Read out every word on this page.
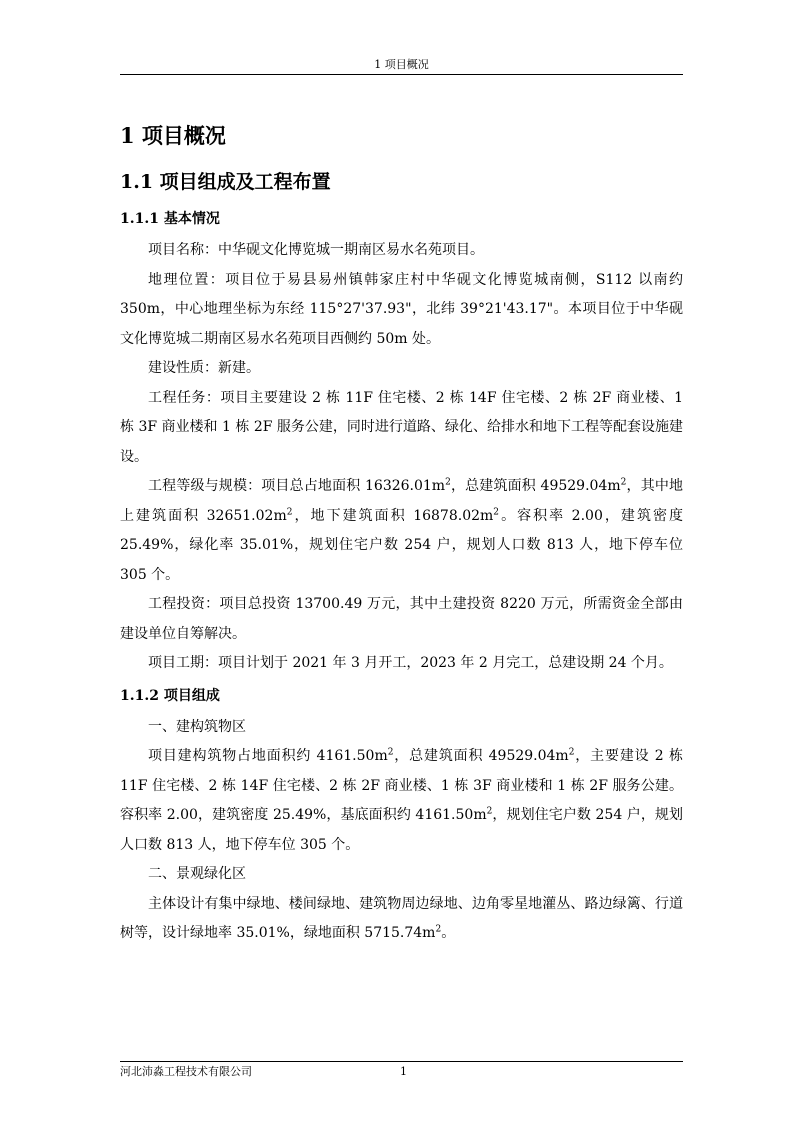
1 项目概况
1 项目概况
1.1 项目组成及工程布置
1.1.1 基本情况

项目名称：中华砚文化博览城一期南区易水名苑项目。

地理位置：项目位于易县易州镇韩家庄村中华砚文化博览城南侧，S112 以南约 350m，中心地理坐标为东经 115°27'37.93"，北纬 39°21'43.17"。本项目位于中华砚文化博览城二期南区易水名苑项目西侧约 50m 处。

建设性质：新建。

工程任务：项目主要建设 2 栋 11F 住宅楼、2 栋 14F 住宅楼、2 栋 2F 商业楼、1 栋 3F 商业楼和 1 栋 2F 服务公建，同时进行道路、绿化、给排水和地下工程等配套设施建设。

工程等级与规模：项目总占地面积 $16326.01m^2$，总建筑面积 $49529.04m^2$，其中地上建筑面积 $32651.02m^2$，地下建筑面积 $16878.02m^2$。容积率 2.00，建筑密度 25.49%，绿化率 35.01%，规划住宅户数 254 户，规划人口数 813 人，地下停车位 305 个。

工程投资：项目总投资 13700.49 万元，其中土建投资 8220 万元，所需资金全部由建设单位自筹解决。

项目工期：项目计划于 2021 年 3 月开工，2023 年 2 月完工，总建设期 24 个月。

1.1.2 项目组成

一、建构筑物区

项目建构筑物占地面积约 $4161.50m^2$，总建筑面积 $49529.04m^2$，主要建设 2 栋 11F 住宅楼、2 栋 14F 住宅楼、2 栋 2F 商业楼、1 栋 3F 商业楼和 1 栋 2F 服务公建。容积率 2.00，建筑密度 25.49%，基底面积约 $4161.50m^2$，规划住宅户数 254 户，规划人口数 813 人，地下停车位 305 个。

二、景观绿化区

主体设计有集中绿地、楼间绿地、建筑物周边绿地、边角零星地灌丛、路边绿篱、行道树等，设计绿地率 35.01%，绿地面积 $5715.74m^2$。

河北沛淼工程技术有限公司	1
